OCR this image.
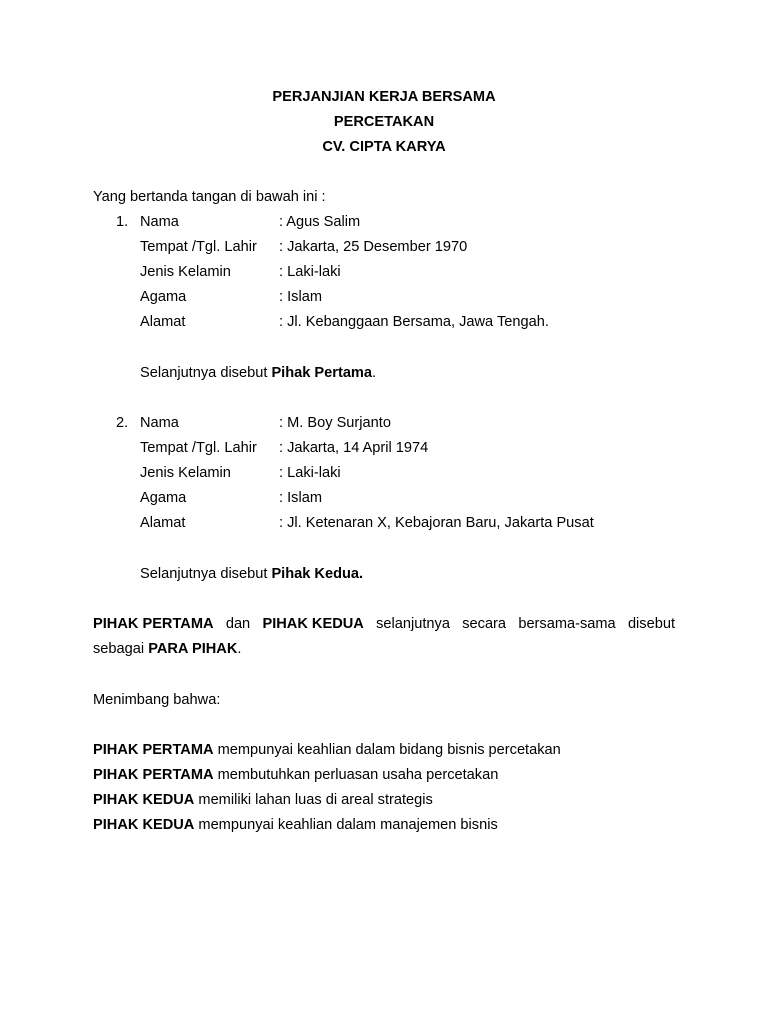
PERJANJIAN KERJA BERSAMA
PERCETAKAN
CV. CIPTA KARYA
Yang bertanda tangan di bawah ini :
1. Nama	: Agus Salim
Tempat /Tgl. Lahir : Jakarta, 25 Desember 1970
Jenis Kelamin	: Laki-laki
Agama	: Islam
Alamat	: Jl. Kebanggaan Bersama, Jawa Tengah.
Selanjutnya disebut Pihak Pertama.
2. Nama	: M. Boy Surjanto
Tempat /Tgl. Lahir : Jakarta, 14 April 1974
Jenis Kelamin	: Laki-laki
Agama	: Islam
Alamat	: Jl. Ketenaran X, Kebajoran Baru, Jakarta Pusat
Selanjutnya disebut Pihak Kedua.
PIHAK PERTAMA dan PIHAK KEDUA selanjutnya secara bersama-sama disebut
sebagai PARA PIHAK.
Menimbang bahwa:
PIHAK PERTAMA mempunyai keahlian dalam bidang bisnis percetakan
PIHAK PERTAMA membutuhkan perluasan usaha percetakan
PIHAK KEDUA memiliki lahan luas di areal strategis
PIHAK KEDUA mempunyai keahlian dalam manajemen bisnis
